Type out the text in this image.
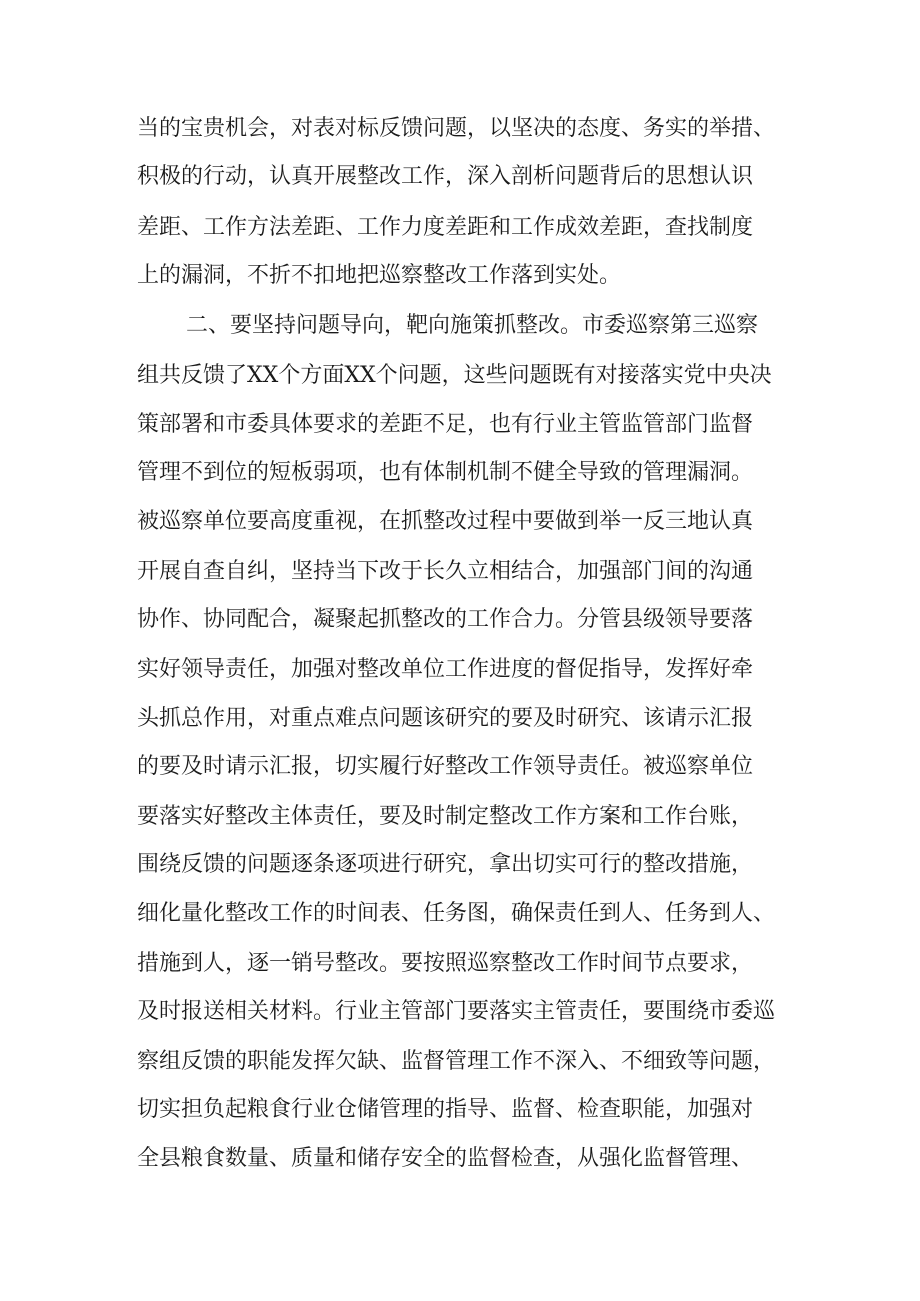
当的宝贵机会，对表对标反馈问题，以坚决的态度、务实的举措、
积极的行动，认真开展整改工作，深入剖析问题背后的思想认识
差距、工作方法差距、工作力度差距和工作成效差距，查找制度
上的漏洞，不折不扣地把巡察整改工作落到实处。
二、要坚持问题导向，靶向施策抓整改。市委巡察第三巡察
组共反馈了XX个方面XX个问题，这些问题既有对接落实党中央决
策部署和市委具体要求的差距不足，也有行业主管监管部门监督
管理不到位的短板弱项，也有体制机制不健全导致的管理漏洞。
被巡察单位要高度重视，在抓整改过程中要做到举一反三地认真
开展自查自纠，坚持当下改于长久立相结合，加强部门间的沟通
协作、协同配合，凝聚起抓整改的工作合力。分管县级领导要落
实好领导责任，加强对整改单位工作进度的督促指导，发挥好牵
头抓总作用，对重点难点问题该研究的要及时研究、该请示汇报
的要及时请示汇报，切实履行好整改工作领导责任。被巡察单位
要落实好整改主体责任，要及时制定整改工作方案和工作台账，
围绕反馈的问题逐条逐项进行研究，拿出切实可行的整改措施，
细化量化整改工作的时间表、任务图，确保责任到人、任务到人、
措施到人，逐一销号整改。要按照巡察整改工作时间节点要求，
及时报送相关材料。行业主管部门要落实主管责任，要围绕市委巡
察组反馈的职能发挥欠缺、监督管理工作不深入、不细致等问题，
切实担负起粮食行业仓储管理的指导、监督、检查职能，加强对
全县粮食数量、质量和储存安全的监督检查，从强化监督管理、
